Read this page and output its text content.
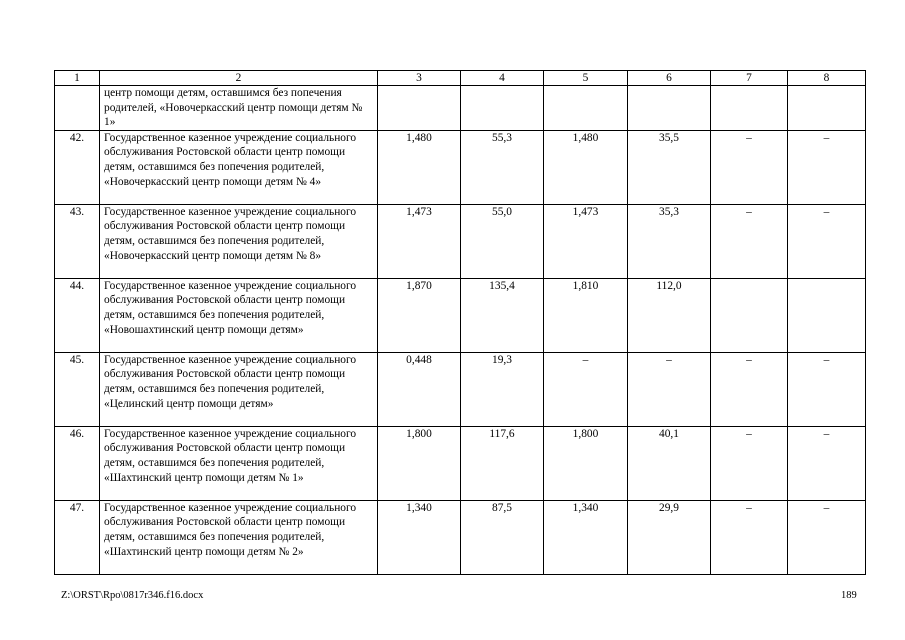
1	2	3	4	5	6	7	8
	центр помощи детям, оставшимся без попечения родителей, «Новочеркасский центр помощи детям № 1»						
42.	Государственное казенное учреждение социального обслуживания Ростовской области центр помощи детям, оставшимся без попечения родителей, «Новочеркасский центр помощи детям № 4»	1,480	55,3	1,480	35,5	–	–
43.	Государственное казенное учреждение социального обслуживания Ростовской области центр помощи детям, оставшимся без попечения родителей, «Новочеркасский центр помощи детям № 8»	1,473	55,0	1,473	35,3	–	–
44.	Государственное казенное учреждение социального обслуживания Ростовской области центр помощи детям, оставшимся без попечения родителей, «Новошахтинский центр помощи детям»	1,870	135,4	1,810	112,0		
45.	Государственное казенное учреждение социального обслуживания Ростовской области центр помощи детям, оставшимся без попечения родителей, «Целинский центр помощи детям»	0,448	19,3	–	–	–	–
46.	Государственное казенное учреждение социального обслуживания Ростовской области центр помощи детям, оставшимся без попечения родителей, «Шахтинский центр помощи детям № 1»	1,800	117,6	1,800	40,1	–	–
47.	Государственное казенное учреждение социального обслуживания Ростовской области центр помощи детям, оставшимся без попечения родителей, «Шахтинский центр помощи детям № 2»	1,340	87,5	1,340	29,9	–	–
Z:\ORST\Rpo\0817r346.f16.docx	189
